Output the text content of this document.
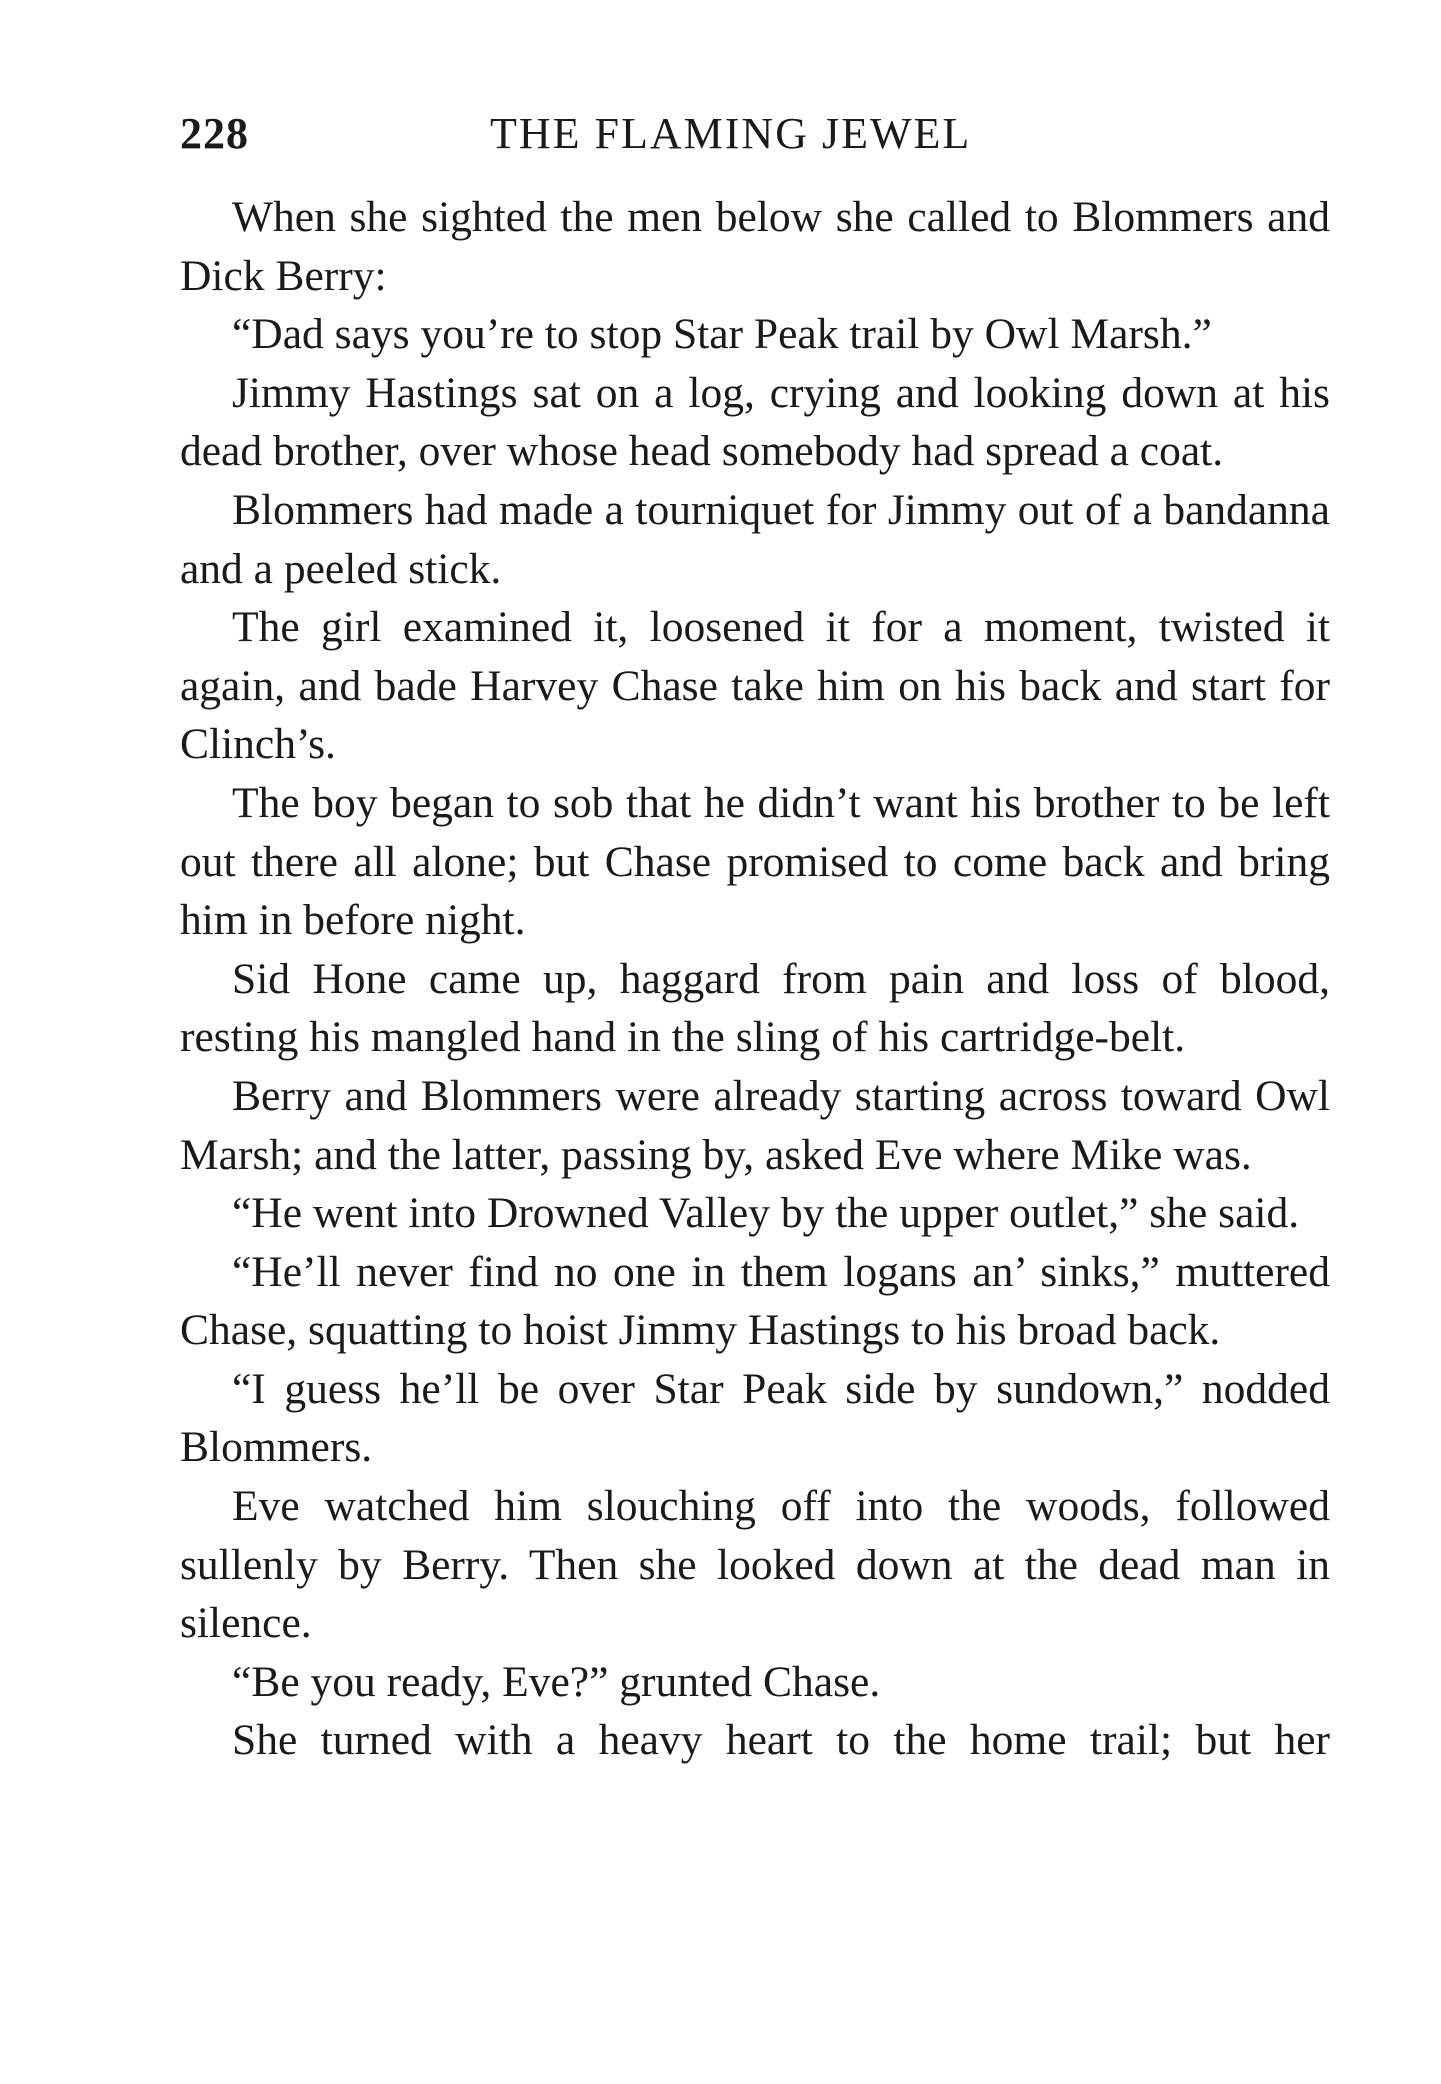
228	THE FLAMING JEWEL

When she sighted the men below she called to Blommers and Dick Berry:

“Dad says you’re to stop Star Peak trail by Owl Marsh.”

Jimmy Hastings sat on a log, crying and looking down at his dead brother, over whose head somebody had spread a coat.

Blommers had made a tourniquet for Jimmy out of a bandanna and a peeled stick.

The girl examined it, loosened it for a moment, twisted it again, and bade Harvey Chase take him on his back and start for Clinch’s.

The boy began to sob that he didn’t want his brother to be left out there all alone; but Chase promised to come back and bring him in before night.

Sid Hone came up, haggard from pain and loss of blood, resting his mangled hand in the sling of his cartridge-belt.

Berry and Blommers were already starting across toward Owl Marsh; and the latter, passing by, asked Eve where Mike was.

“He went into Drowned Valley by the upper outlet,” she said.

“He’ll never find no one in them logans an’ sinks,” muttered Chase, squatting to hoist Jimmy Hastings to his broad back.

“I guess he’ll be over Star Peak side by sundown,” nodded Blommers.

Eve watched him slouching off into the woods, followed sullenly by Berry. Then she looked down at the dead man in silence.

“Be you ready, Eve?” grunted Chase.

She turned with a heavy heart to the home trail; but her
